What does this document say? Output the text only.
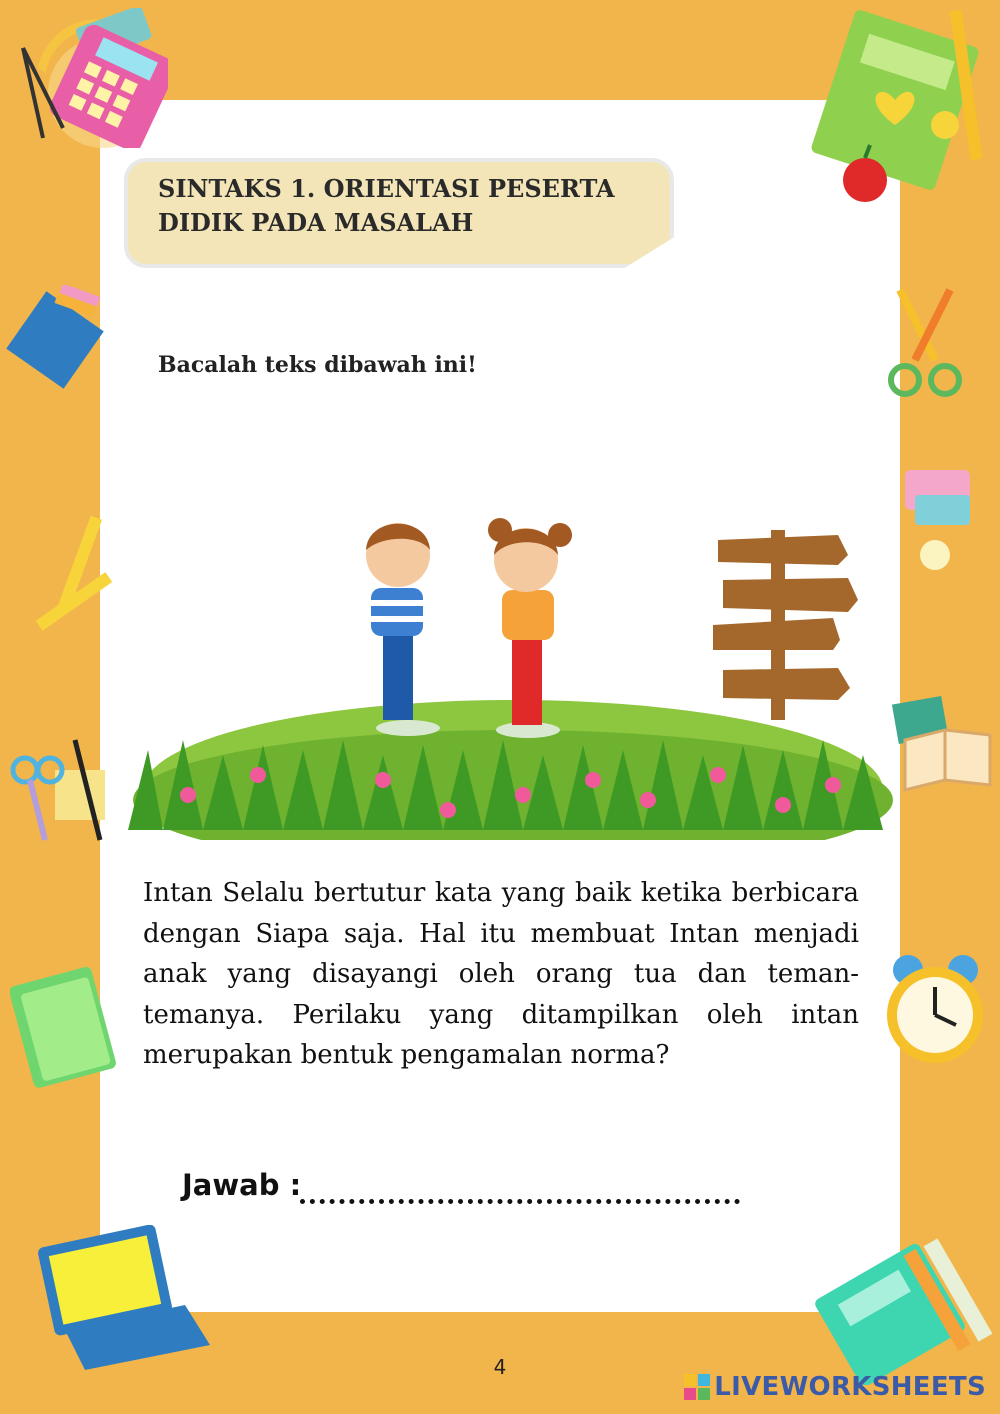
SINTAKS 1. ORIENTASI PESERTA DIDIK PADA MASALAH

Bacalah teks dibawah ini!

Intan Selalu bertutur kata yang baik ketika berbicara dengan Siapa saja. Hal itu membuat Intan menjadi anak yang disayangi oleh orang tua dan teman-temanya. Perilaku yang ditampilkan oleh intan merupakan bentuk pengamalan norma?

Jawab :
4
LIVEWORKSHEETS
